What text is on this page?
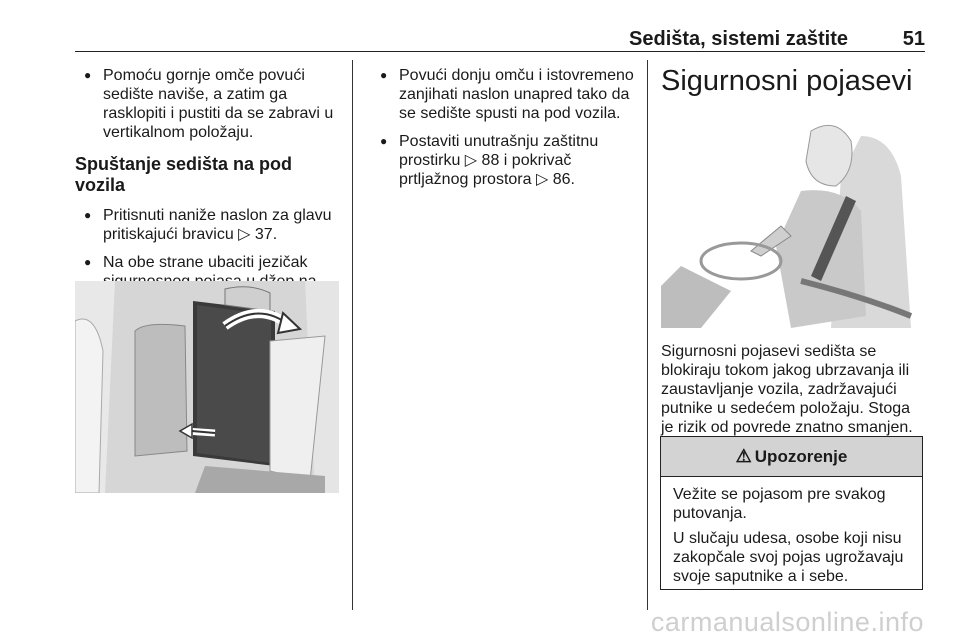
Sedišta, sistemi zaštite	51
● Pomoću gornje omče povući sedište naviše, a zatim ga rasklopiti i pustiti da se zabravi u vertikalnom položaju.
Spuštanje sedišta na pod vozila
● Pritisnuti naniže naslon za glavu pritiskajući bravicu ▷ 37.
● Na obe strane ubaciti jezičak
● Povući donju omču i istovremeno zanjihati naslon unapred tako da se sedište spusti na pod vozila.
● Postaviti unutrašnju zaštitnu prostirku ▷ 88 i pokrivač prtljažnog prostora ▷ 86.
Sigurnosni pojasevi
Sigurnosni pojasevi sedišta se blokiraju tokom jakog ubrzavanja ili zaustavljanje vozila, zadržavajući putnike u sedećem položaju. Stoga je rizik od povrede znatno smanjen.
⚠ Upozorenje

Vežite se pojasom pre svakog putovanja.

U slučaju udesa, osobe koji nisu zakopčale svoj pojas ugrožavaju svoje saputnike a i sebe.

carmanualsonline.info
